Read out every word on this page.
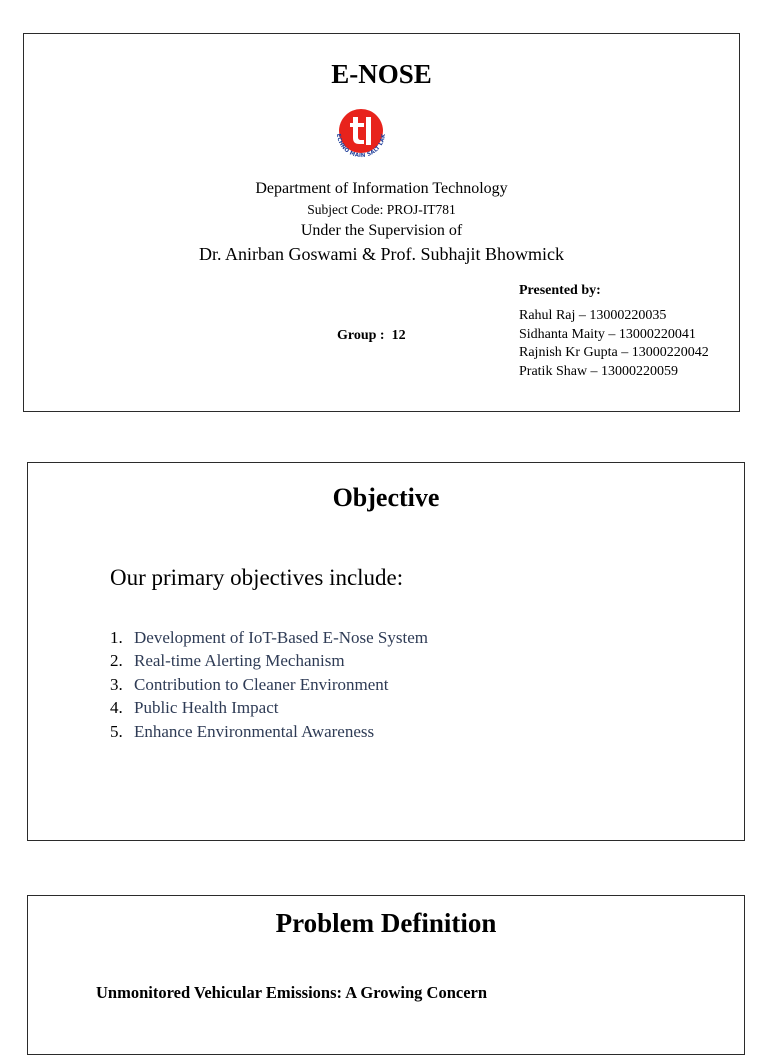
E-NOSE
ECHNO MAIN SALT LAK
Department of Information Technology
Subject Code: PROJ-IT781
Under the Supervision of
Dr. Anirban Goswami & Prof. Subhajit Bhowmick
Presented by:
Rahul Raj – 13000220035
Sidhanta Maity – 13000220041
Rajnish Kr Gupta – 13000220042
Pratik Shaw – 13000220059
Group :  12
Objective
Our primary objectives include:
1. Development of IoT-Based E-Nose System
2. Real-time Alerting Mechanism
3. Contribution to Cleaner Environment
4. Public Health Impact
5. Enhance Environmental Awareness
Problem Definition
Unmonitored Vehicular Emissions: A Growing Concern
